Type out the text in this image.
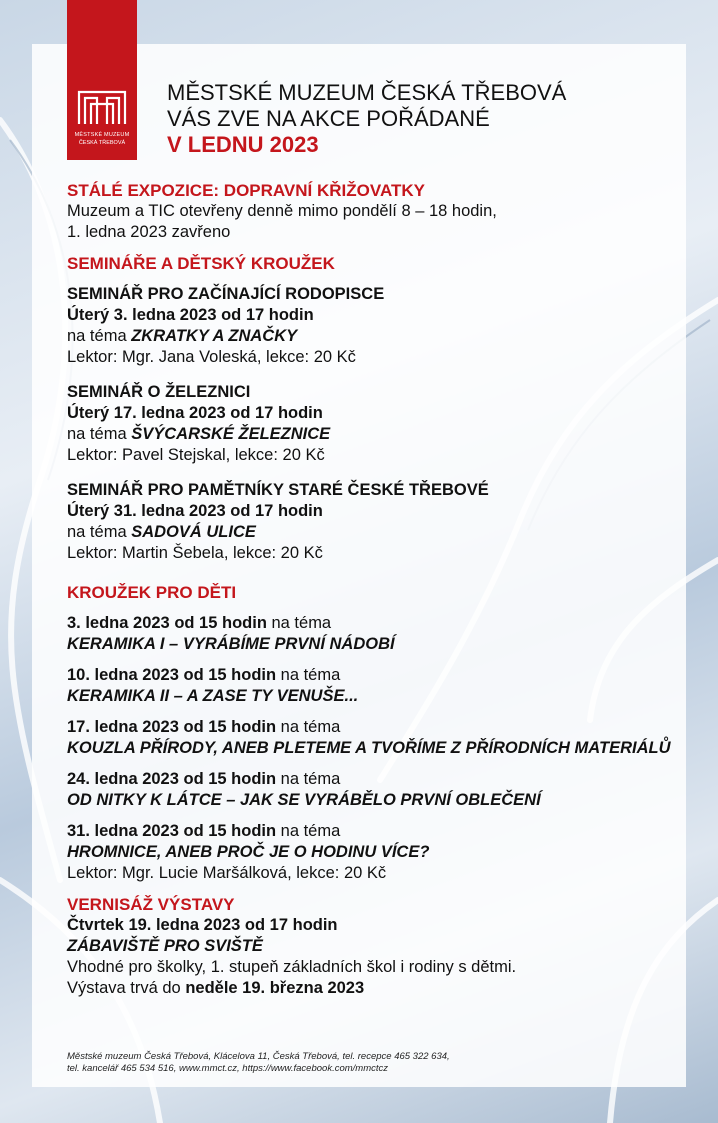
MĚSTSKÉ MUZEUM
ČESKÁ TŘEBOVÁ
MĚSTSKÉ MUZEUM ČESKÁ TŘEBOVÁ
VÁS ZVE NA AKCE POŘÁDANÉ
V LEDNU 2023
STÁLÉ EXPOZICE: DOPRAVNÍ KŘIŽOVATKY
Muzeum a TIC otevřeny denně mimo pondělí 8 – 18 hodin,
1. ledna 2023 zavřeno
SEMINÁŘE A DĚTSKÝ KROUŽEK
SEMINÁŘ PRO ZAČÍNAJÍCÍ RODOPISCE
Úterý 3. ledna 2023 od 17 hodin
na téma ZKRATKY A ZNAČKY
Lektor: Mgr. Jana Voleská, lekce: 20 Kč
SEMINÁŘ O ŽELEZNICI
Úterý 17. ledna 2023 od 17 hodin
na téma ŠVÝCARSKÉ ŽELEZNICE
Lektor: Pavel Stejskal, lekce: 20 Kč
SEMINÁŘ PRO PAMĚTNÍKY STARÉ ČESKÉ TŘEBOVÉ
Úterý 31. ledna 2023 od 17 hodin
na téma SADOVÁ ULICE
Lektor: Martin Šebela, lekce: 20 Kč
KROUŽEK PRO DĚTI
3. ledna 2023 od 15 hodin na téma
KERAMIKA I – VYRÁBÍME PRVNÍ NÁDOBÍ
10. ledna 2023 od 15 hodin na téma
KERAMIKA II – A ZASE TY VENUŠE...
17. ledna 2023 od 15 hodin na téma
KOUZLA PŘÍRODY, ANEB PLETEME A TVOŘÍME Z PŘÍRODNÍCH MATERIÁLŮ
24. ledna 2023 od 15 hodin na téma
OD NITKY K LÁTCE – JAK SE VYRÁBĚLO PRVNÍ OBLEČENÍ
31. ledna 2023 od 15 hodin na téma
HROMNICE, ANEB PROČ JE O HODINU VÍCE?
Lektor: Mgr. Lucie Maršálková, lekce: 20 Kč
VERNISÁŽ VÝSTAVY
Čtvrtek 19. ledna 2023 od 17 hodin
ZÁBAVIŠTĚ PRO SVIŠTĚ
Vhodné pro školky, 1. stupeň základních škol i rodiny s dětmi.
Výstava trvá do neděle 19. března 2023
Městské muzeum Česká Třebová, Klácelova 11, Česká Třebová, tel. recepce 465 322 634,
tel. kancelář 465 534 516, www.mmct.cz, https://www.facebook.com/mmctcz
